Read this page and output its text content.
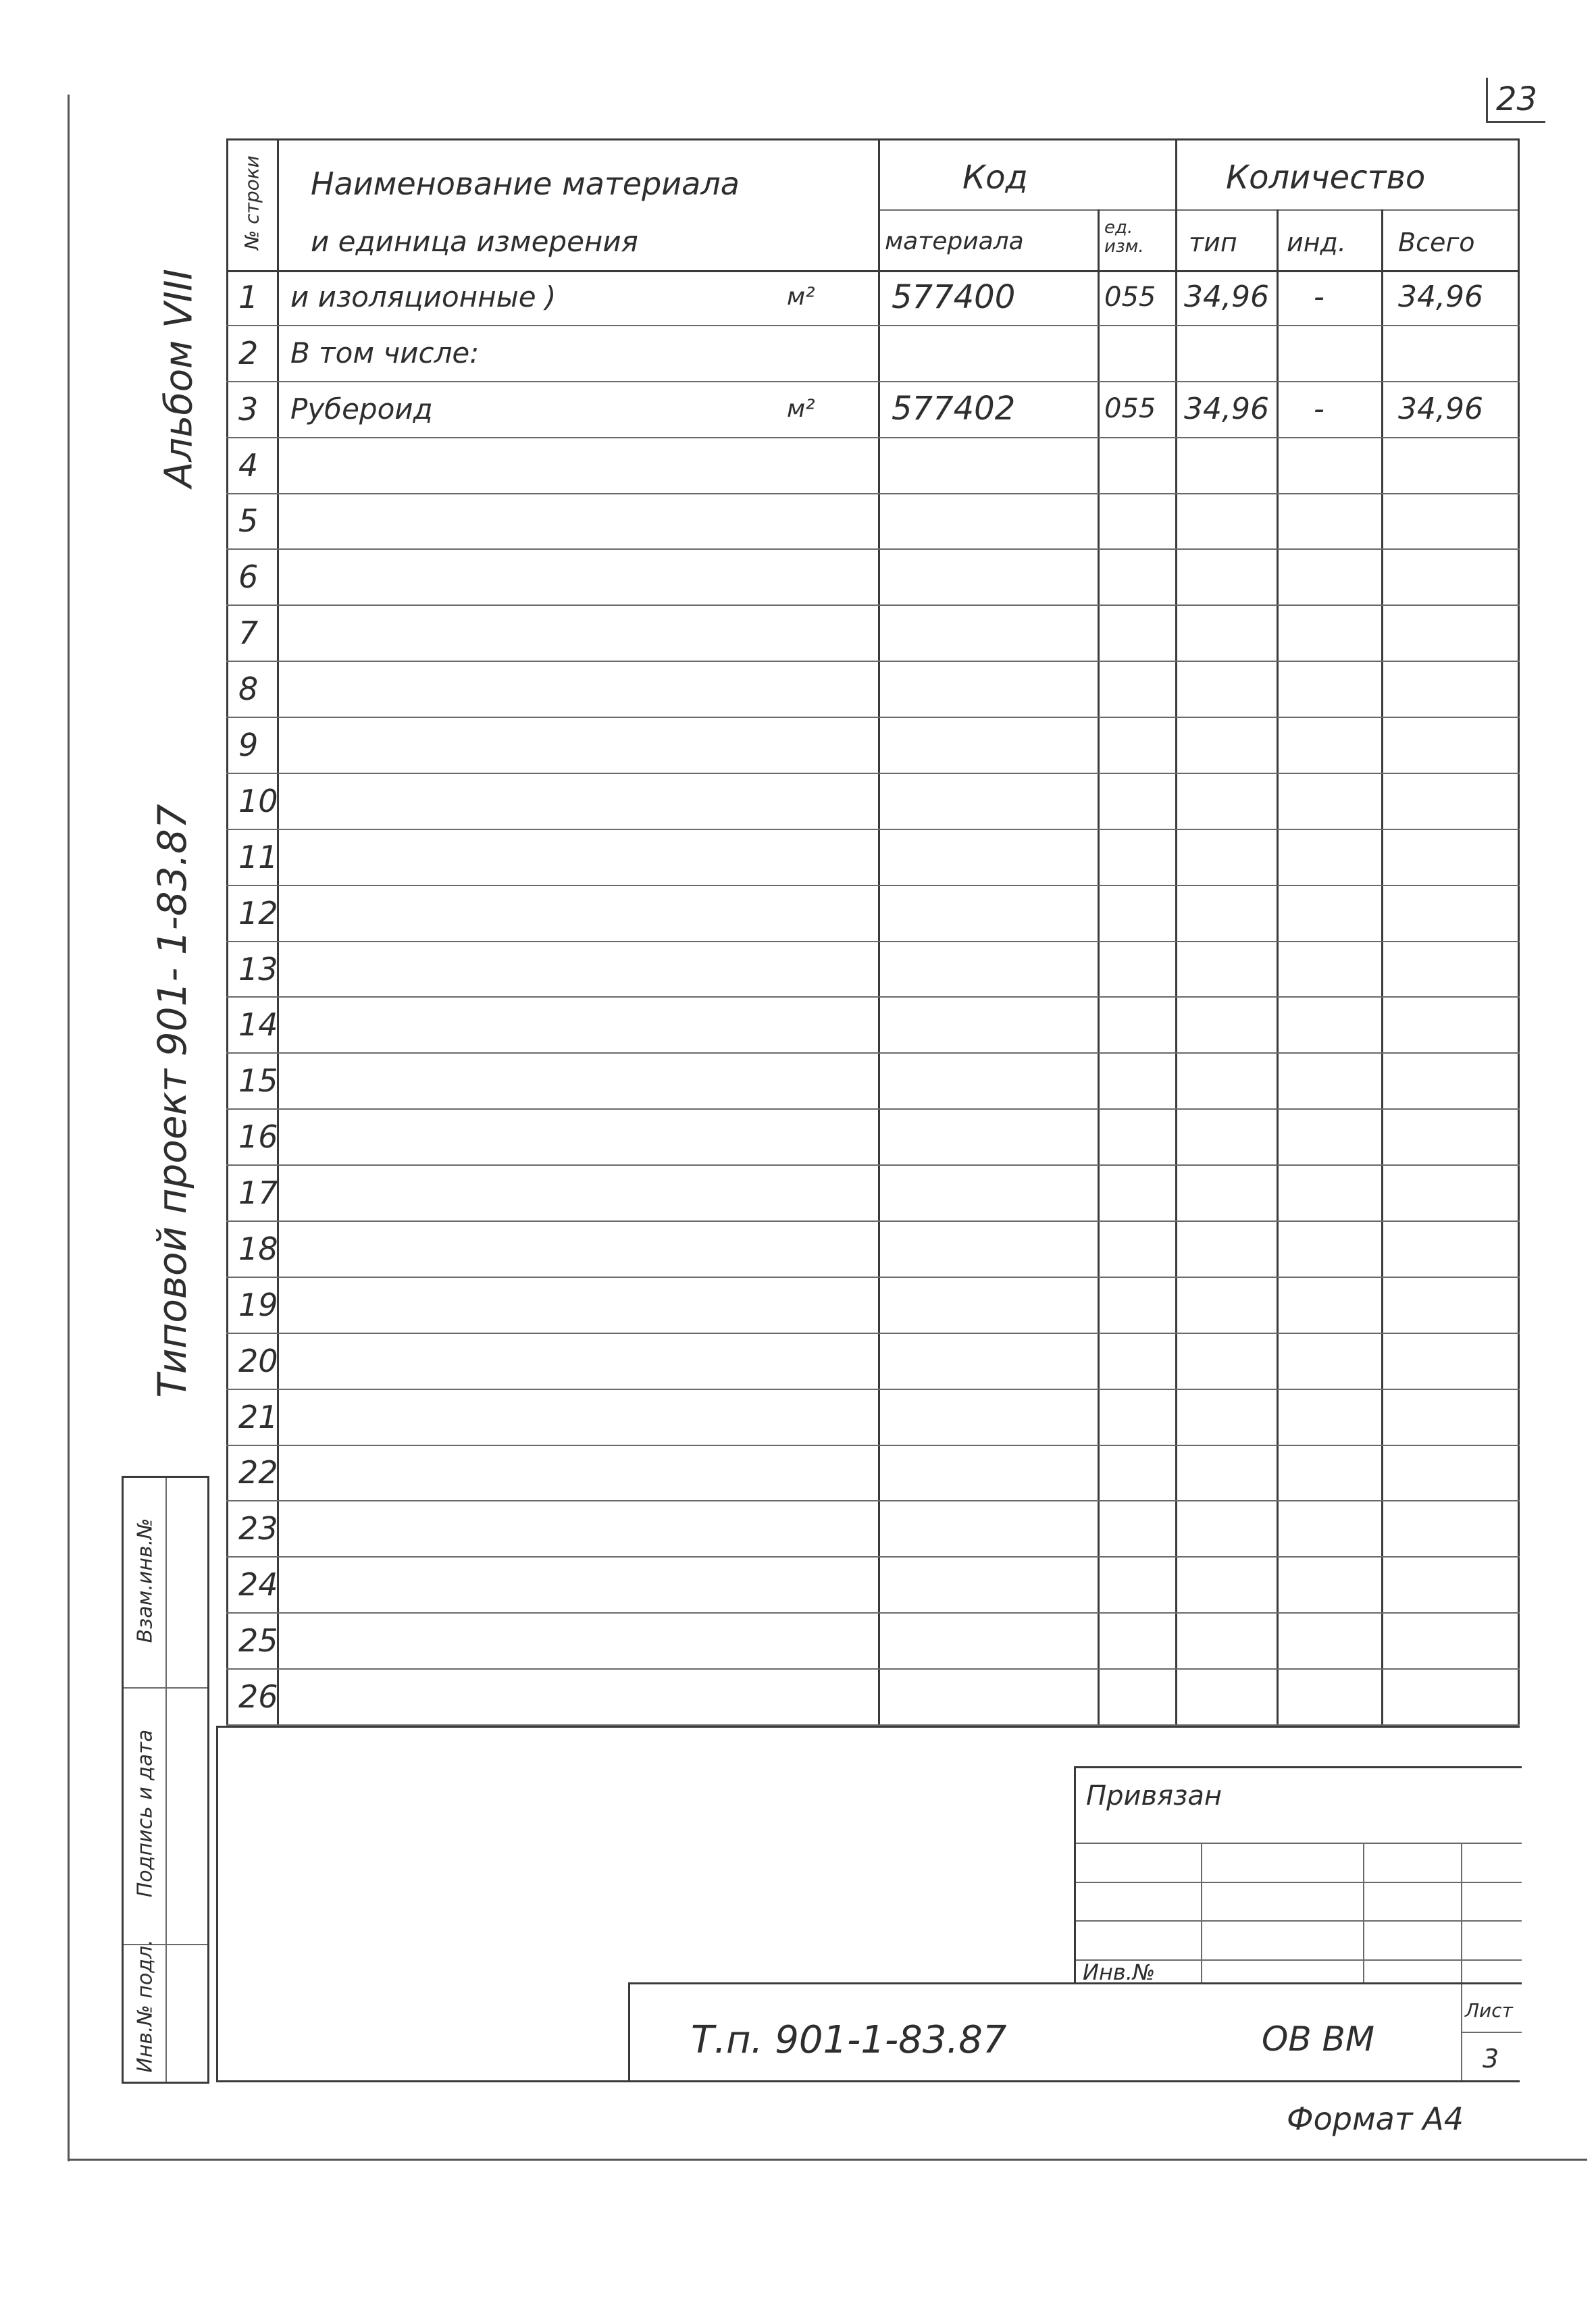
23
Альбом VIII
Типовой проект 901- 1-83.87
Взам.инв.№
Подпись и дата
Инв.№ подл.
№ строки Наименование материала
и единица измерения
Код
материала	ед. изм.
Количество
тип инд. Всего
1 и изоляционные )	м² 577400	055 34,96 - 34,96
2 В том числе:
3 Рубероид	м² 577402	055 34,96 - 34,96
4
5
6
7
8
9
10
11
12
13
14
15
16
17
18
19
20
21
22
23
24
25
26
Привязан
Инв.№
Т.п. 901-1-83.87	ОВ ВМ
Лист
3
Формат А4
